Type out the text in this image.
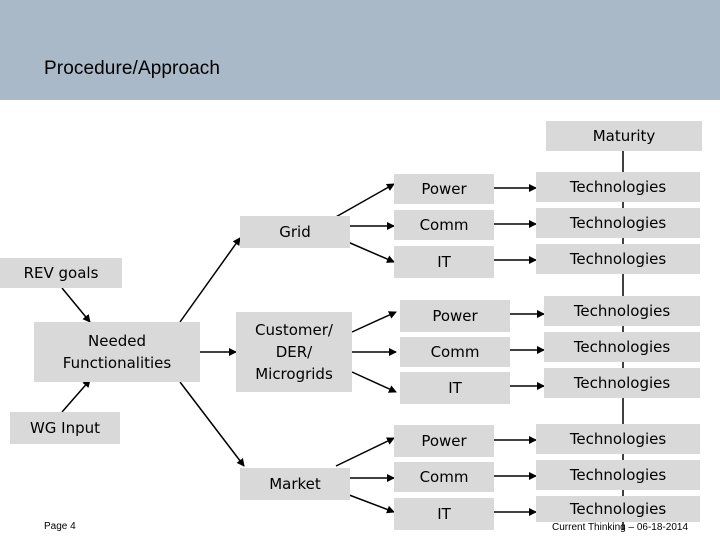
Procedure/Approach
Maturity
REV goals
Needed Functionalities
WG Input
Grid
Customer/ DER/ Microgrids
Market
Power
Comm
IT
Technologies
Technologies
Technologies
Power
Comm
IT
Technologies
Technologies
Technologies
Power
Comm
IT
Technologies
Technologies
Technologies
Page 4	Current Thinking – 06-18-2014
